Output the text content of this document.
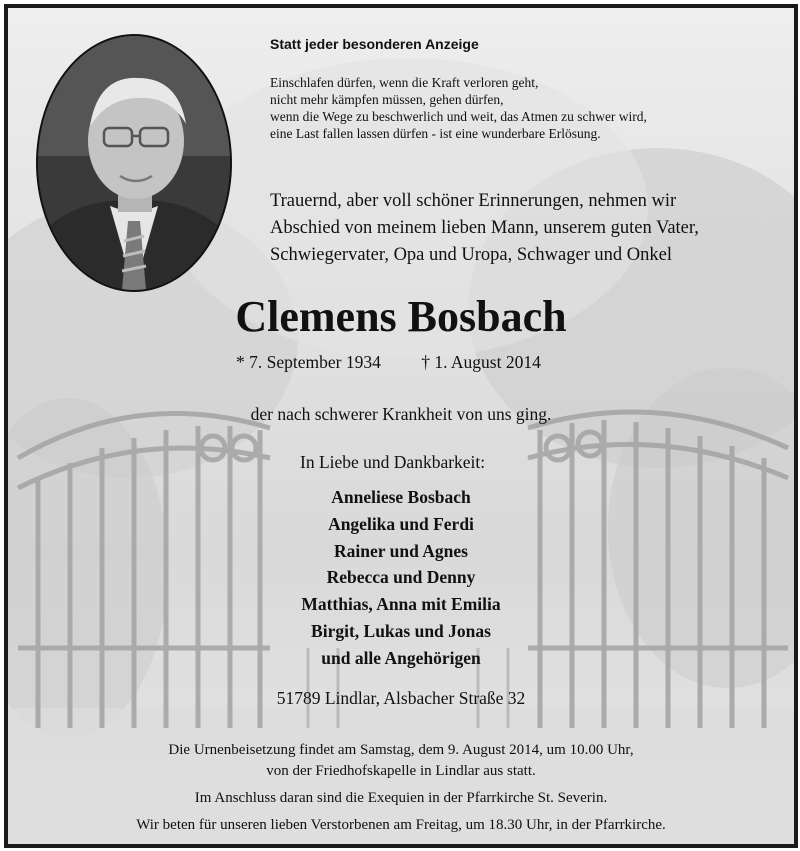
Statt jeder besonderen Anzeige
Einschlafen dürfen, wenn die Kraft verloren geht,
nicht mehr kämpfen müssen, gehen dürfen,
wenn die Wege zu beschwerlich und weit, das Atmen zu schwer wird,
eine Last fallen lassen dürfen - ist eine wunderbare Erlösung.
Trauernd, aber voll schöner Erinnerungen, nehmen wir
Abschied von meinem lieben Mann, unserem guten Vater,
Schwiegervater, Opa und Uropa, Schwager und Onkel
Clemens Bosbach
* 7. September 1934 † 1. August 2014
der nach schwerer Krankheit von uns ging.
In Liebe und Dankbarkeit:
Anneliese Bosbach
Angelika und Ferdi
Rainer und Agnes
Rebecca und Denny
Matthias, Anna mit Emilia
Birgit, Lukas und Jonas
und alle Angehörigen
51789 Lindlar, Alsbacher Straße 32
Die Urnenbeisetzung findet am Samstag, dem 9. August 2014, um 10.00 Uhr,
von der Friedhofskapelle in Lindlar aus statt.
Im Anschluss daran sind die Exequien in der Pfarrkirche St. Severin.
Wir beten für unseren lieben Verstorbenen am Freitag, um 18.30 Uhr, in der Pfarrkirche.
